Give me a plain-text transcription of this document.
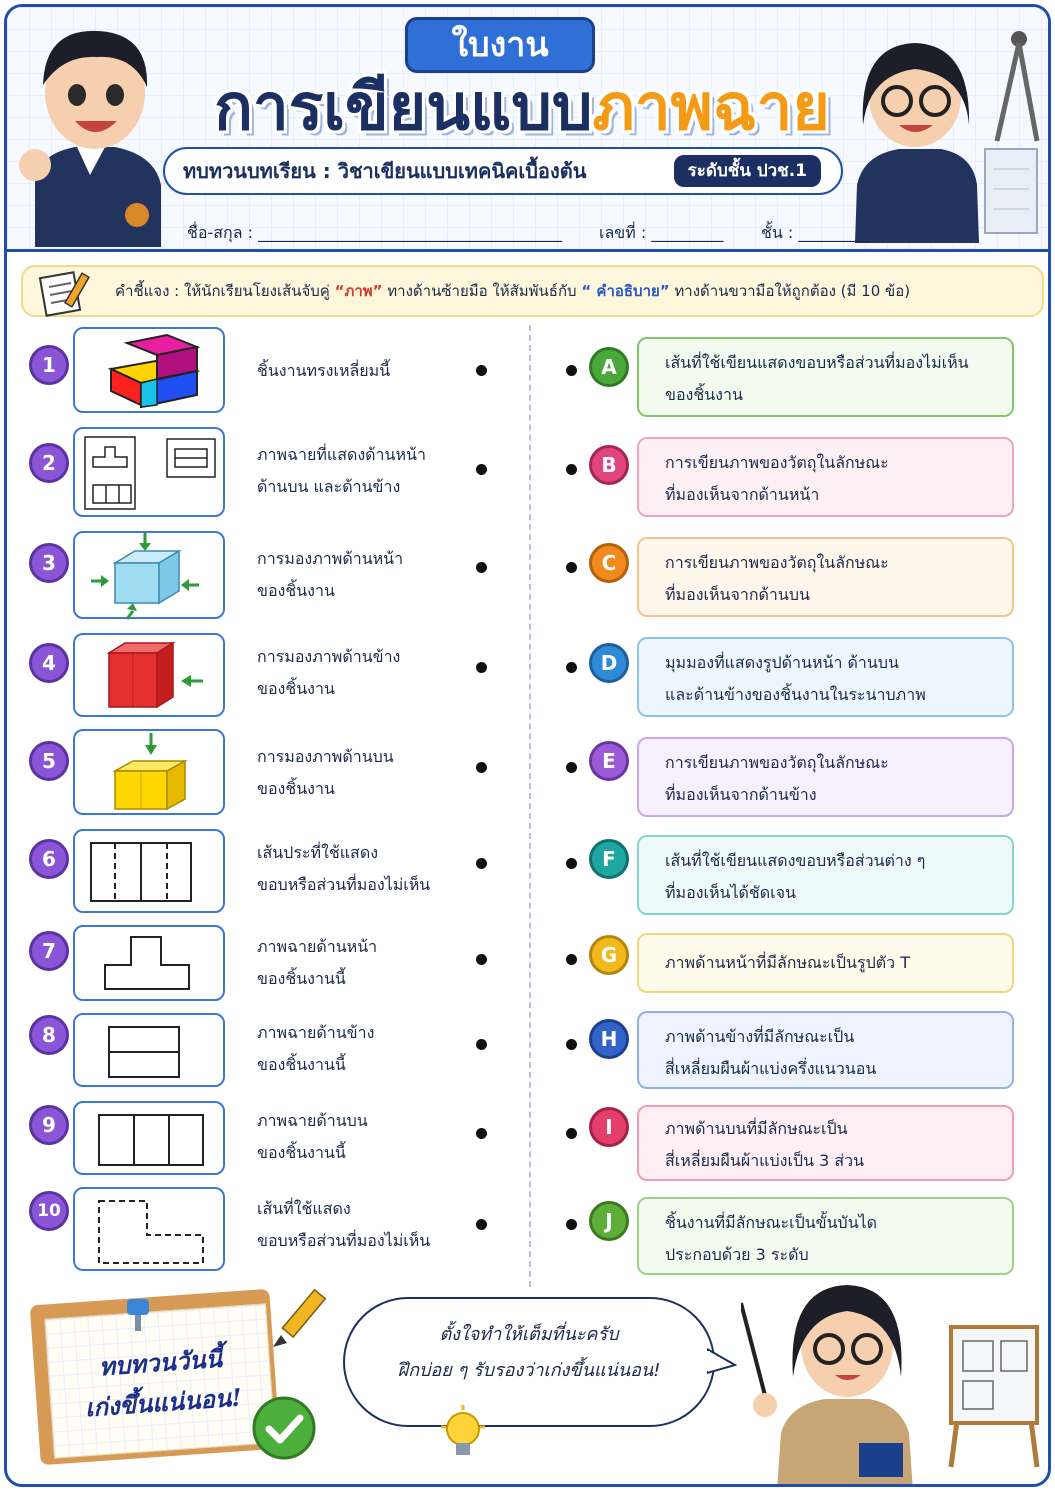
ใบงาน
การเขียนแบบภาพฉาย
ทบทวนบทเรียน : วิชาเขียนแบบเทคนิคเบื้องต้น	ระดับชั้น ปวช.1
ชื่อ-สกุล : ______________________________________ เลขที่ : _________ ชั้น : _________
คำชี้แจง : ให้นักเรียนโยงเส้นจับคู่ “ภาพ” ทางด้านซ้ายมือ ให้สัมพันธ์กับ “ คำอธิบาย” ทางด้านขวามือให้ถูกต้อง (มี 10 ข้อ)
1	ชิ้นงานทรงเหลี่ยมนี้
2	ภาพฉายที่แสดงด้านหน้า
ด้านบน และด้านข้าง
3	การมองภาพด้านหน้า
ของชิ้นงาน
4	การมองภาพด้านข้าง
ของชิ้นงาน
5	การมองภาพด้านบน
ของชิ้นงาน
6	เส้นประที่ใช้แสดง
ขอบหรือส่วนที่มองไม่เห็น
7	ภาพฉายด้านหน้า
ของชิ้นงานนี้
8	ภาพฉายด้านข้าง
ของชิ้นงานนี้
9	ภาพฉายด้านบน
ของชิ้นงานนี้
10	เส้นที่ใช้แสดง
ขอบหรือส่วนที่มองไม่เห็น
A	เส้นที่ใช้เขียนแสดงขอบหรือส่วนที่มองไม่เห็น
ของชิ้นงาน
B	การเขียนภาพของวัตถุในลักษณะ
ที่มองเห็นจากด้านหน้า
C	การเขียนภาพของวัตถุในลักษณะ
ที่มองเห็นจากด้านบน
D	มุมมองที่แสดงรูปด้านหน้า ด้านบน
และด้านข้างของชิ้นงานในระนาบภาพ
E	การเขียนภาพของวัตถุในลักษณะ
ที่มองเห็นจากด้านข้าง
F	เส้นที่ใช้เขียนแสดงขอบหรือส่วนต่าง ๆ
ที่มองเห็นได้ชัดเจน
G	ภาพด้านหน้าที่มีลักษณะเป็นรูปตัว T
H	ภาพด้านข้างที่มีลักษณะเป็น
สี่เหลี่ยมผืนผ้าแบ่งครึ่งแนวนอน
I	ภาพด้านบนที่มีลักษณะเป็น
สี่เหลี่ยมผืนผ้าแบ่งเป็น 3 ส่วน
J	ชิ้นงานที่มีลักษณะเป็นขั้นบันได
ประกอบด้วย 3 ระดับ
ทบทวนวันนี้
เก่งขึ้นแน่นอน!
ตั้งใจทำให้เต็มที่นะครับ
ฝึกบ่อย ๆ รับรองว่าเก่งขึ้นแน่นอน!
